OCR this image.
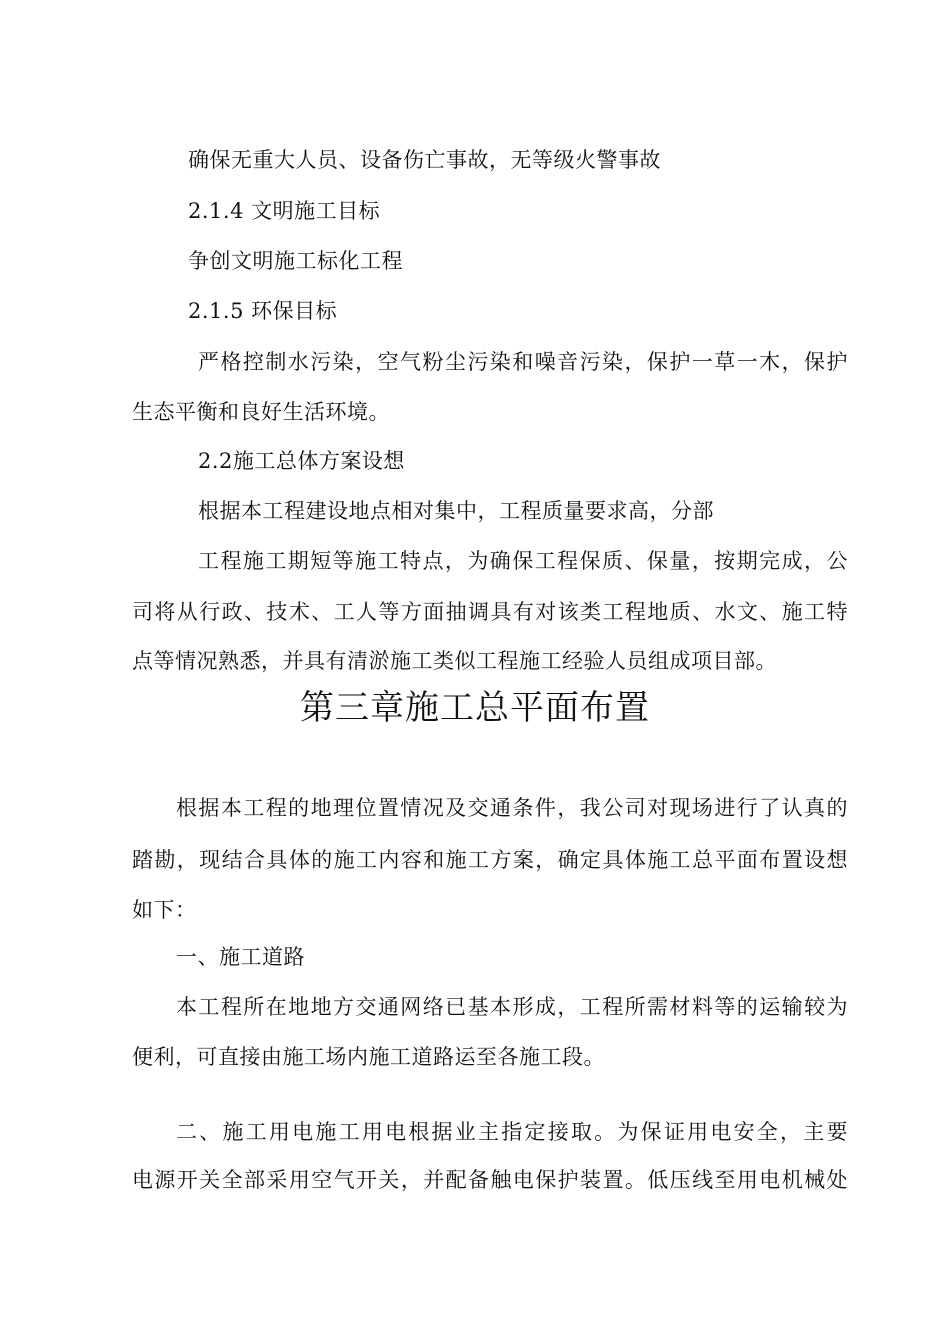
确保无重大人员、设备伤亡事故，无等级火警事故
2.1.4 文明施工目标
争创文明施工标化工程
2.1.5 环保目标
严格控制水污染，空气粉尘污染和噪音污染，保护一草一木，保护
生态平衡和良好生活环境。
2.2施工总体方案设想
根据本工程建设地点相对集中，工程质量要求高，分部
工程施工期短等施工特点，为确保工程保质、保量，按期完成，公
司将从行政、技术、工人等方面抽调具有对该类工程地质、水文、施工特
点等情况熟悉，并具有清淤施工类似工程施工经验人员组成项目部。
第三章施工总平面布置
根据本工程的地理位置情况及交通条件，我公司对现场进行了认真的
踏勘，现结合具体的施工内容和施工方案，确定具体施工总平面布置设想
如下：
一、施工道路
本工程所在地地方交通网络已基本形成，工程所需材料等的运输较为
便利，可直接由施工场内施工道路运至各施工段。
二、施工用电施工用电根据业主指定接取。为保证用电安全，主要
电源开关全部采用空气开关，并配备触电保护装置。低压线至用电机械处
